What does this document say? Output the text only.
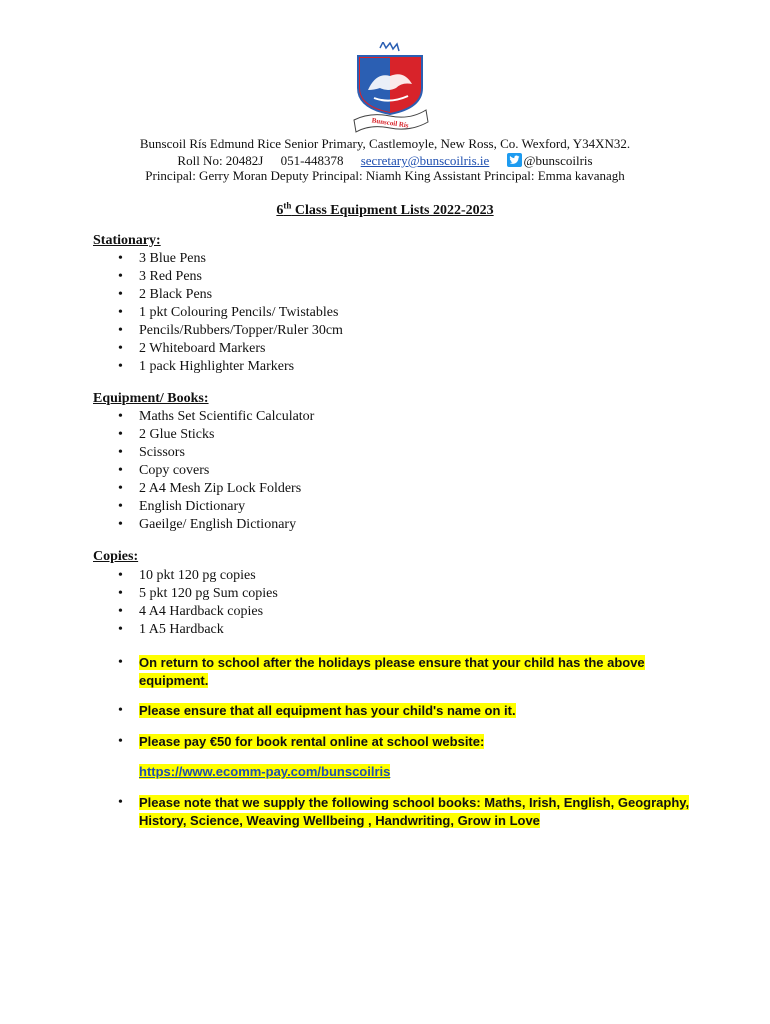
Bunscoil Rís
Bunscoil Rís Edmund Rice Senior Primary, Castlemoyle, New Ross, Co. Wexford, Y34XN32.
Roll No: 20482J 051-448378 secretary@bunscoilris.ie	@bunscoilris
Principal: Gerry Moran Deputy Principal: Niamh King Assistant Principal: Emma kavanagh
6th Class Equipment Lists 2022-2023
Stationary:
• 3 Blue Pens
• 3 Red Pens
• 2 Black Pens
• 1 pkt Colouring Pencils/ Twistables
• Pencils/Rubbers/Topper/Ruler 30cm
• 2 Whiteboard Markers
• 1 pack Highlighter Markers
Equipment/ Books:
• Maths Set Scientific Calculator
• 2 Glue Sticks
• Scissors
• Copy covers
• 2 A4 Mesh Zip Lock Folders
• English Dictionary
• Gaeilge/ English Dictionary
Copies:
• 10 pkt 120 pg copies
• 5 pkt 120 pg Sum copies
• 4 A4 Hardback copies
• 1 A5 Hardback
• On return to school after the holidays please ensure that your child has the above equipment.
• Please ensure that all equipment has your child's name on it.
• Please pay €50 for book rental online at school website:
https://www.ecomm-pay.com/bunscoilris
• Please note that we supply the following school books: Maths, Irish, English, Geography, History, Science, Weaving Wellbeing , Handwriting, Grow in Love
